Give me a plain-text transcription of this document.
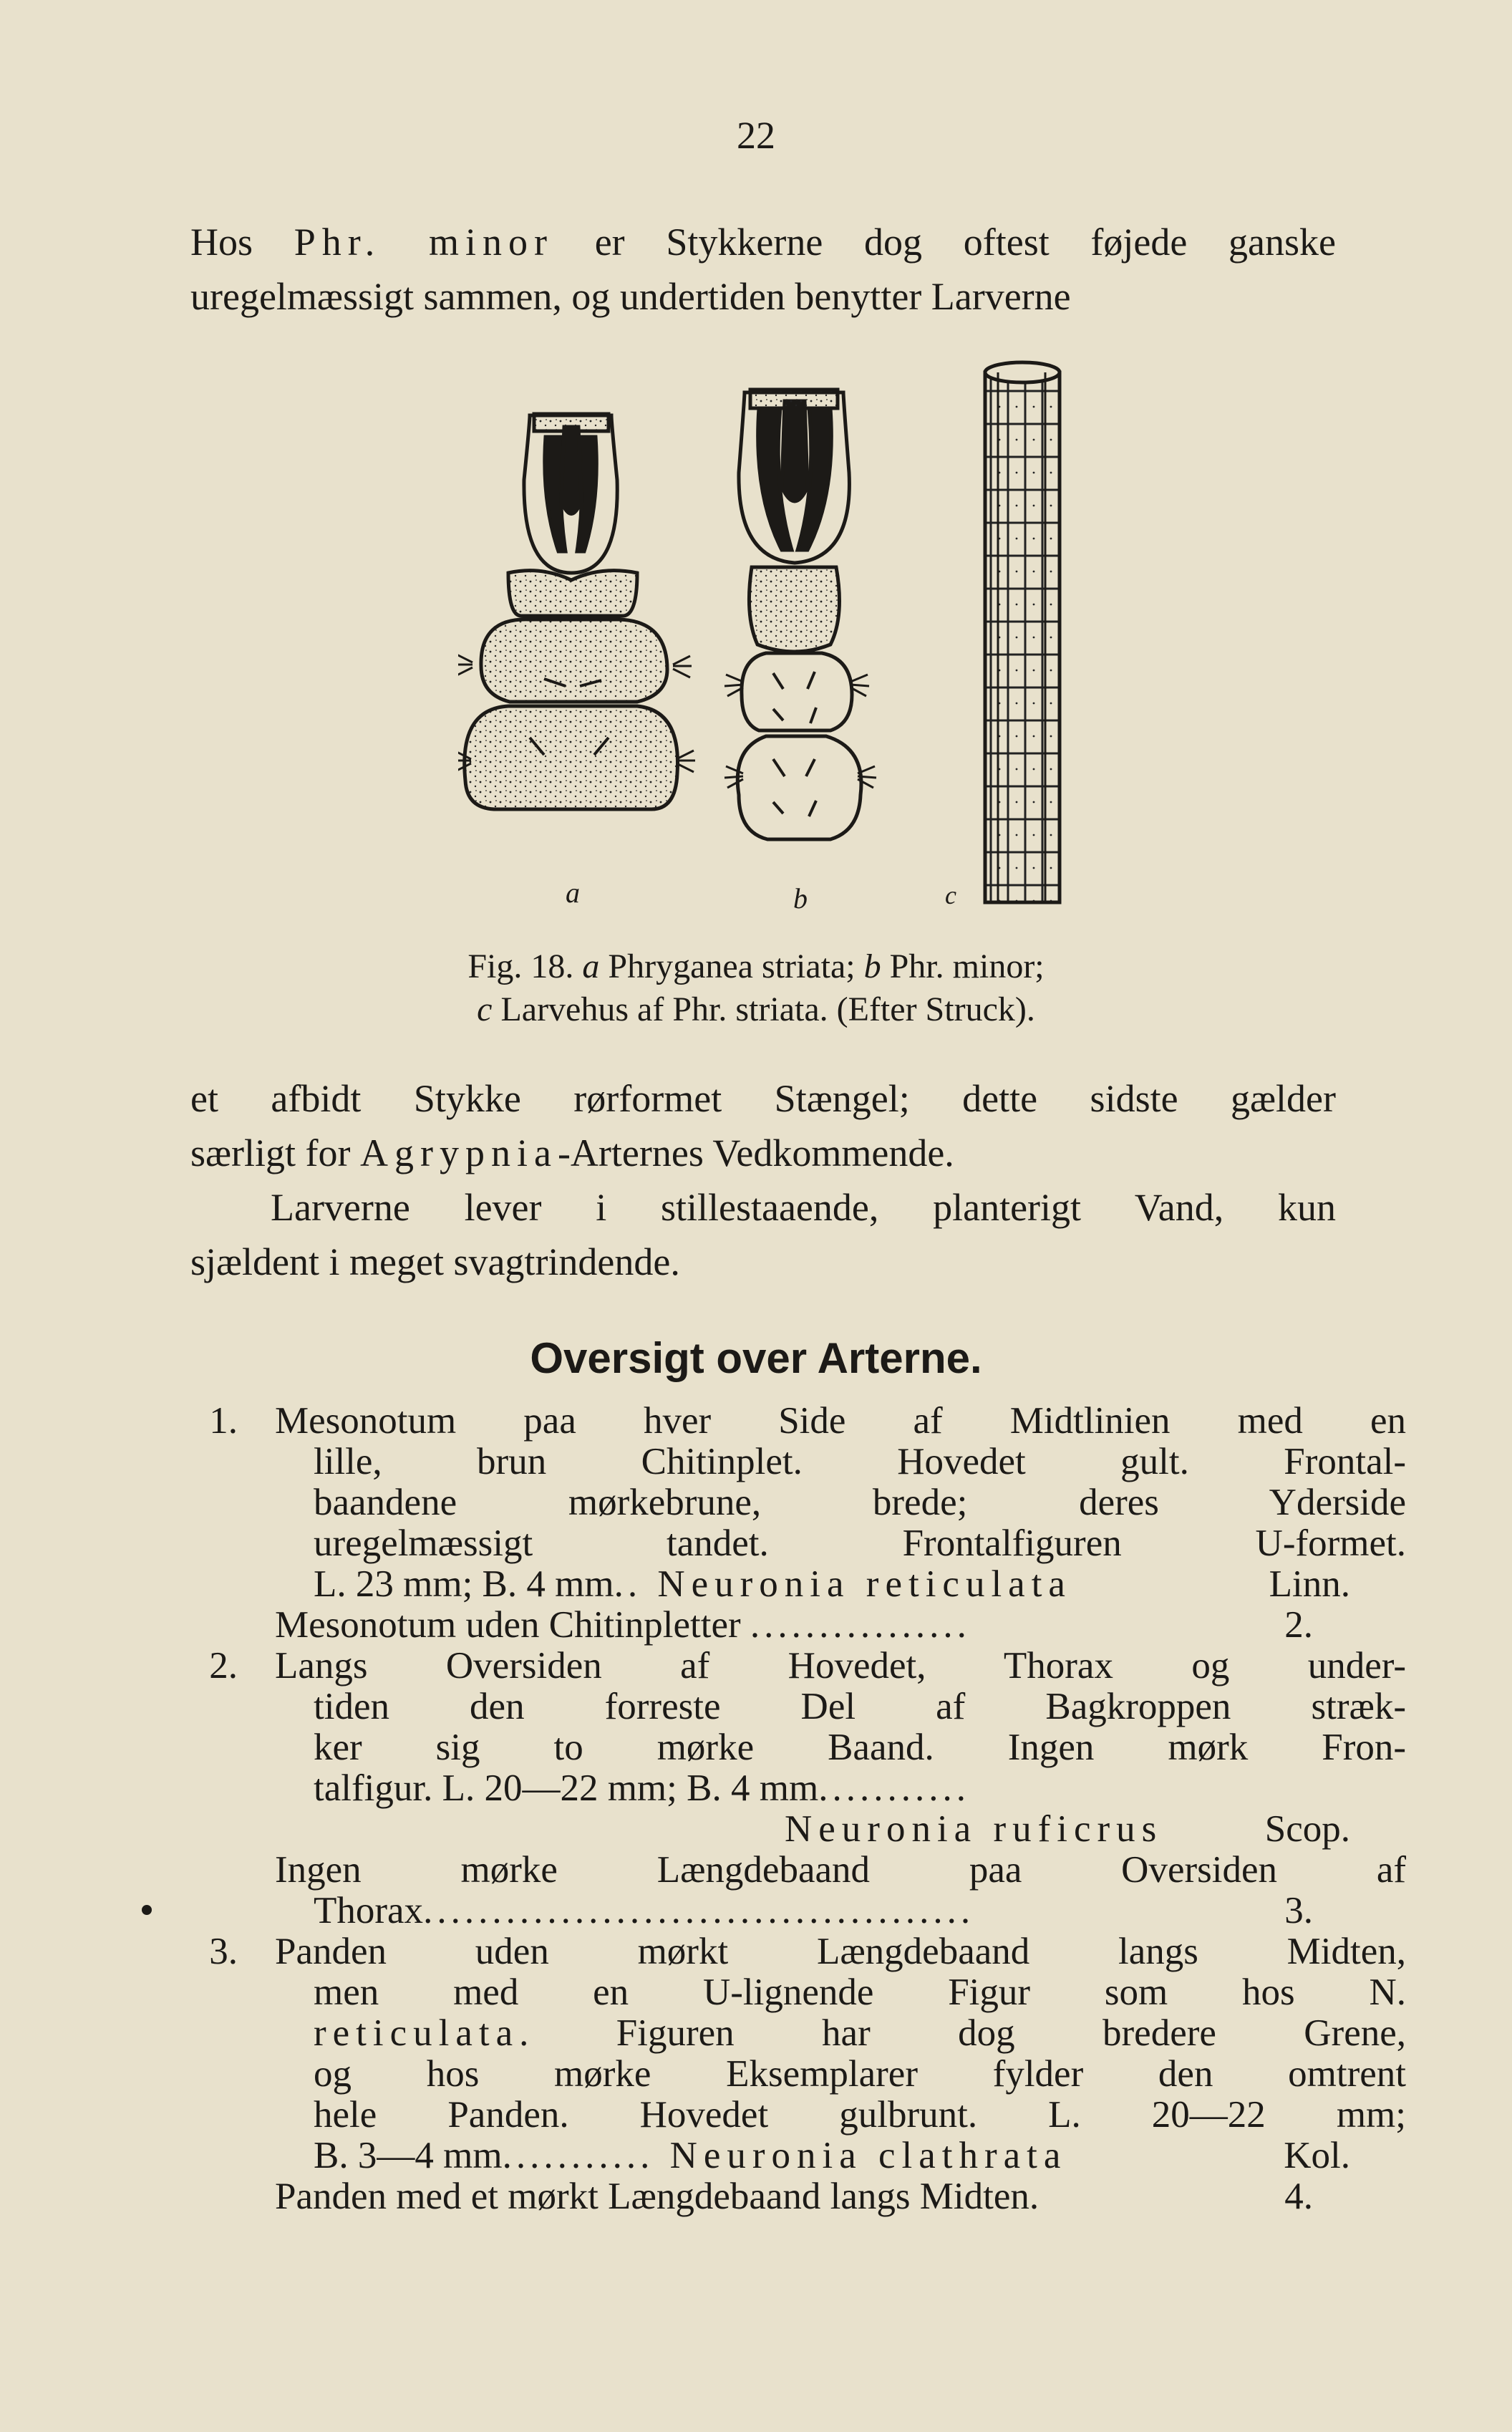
22

Hos Phr. minor er Stykkerne dog oftest føjede ganske
uregelmæssigt sammen, og undertiden benytter Larverne

a	b	c
Fig. 18. a Phryganea striata; b Phr. minor;
c Larvehus af Phr. striata. (Efter Struck).

et afbidt Stykke rørformet Stængel; dette sidste gælder
særligt for Agrypnia-Arternes Vedkommende.
Larverne lever i stillestaaende, planterigt Vand, kun
sjældent i meget svagtrindende.

Oversigt over Arterne.
1. Mesonotum paa hver Side af Midtlinien med en
lille, brun Chitinplet. Hovedet gult. Frontal-
baandene mørkebrune, brede; deres Yderside
uregelmæssigt tandet. Frontalfiguren U-formet.
L. 23 mm; B. 4 mm.. Neuronia reticulata	Linn.
Mesonotum uden Chitinpletter ................	2.
2. Langs Oversiden af Hovedet, Thorax og under-
tiden den forreste Del af Bagkroppen stræk-
ker sig to mørke Baand. Ingen mørk Fron-
talfigur. L. 20—22 mm; B. 4 mm...........
Neuronia ruficrus	Scop.
Ingen mørke Længdebaand paa Oversiden af
Thorax........................................	3.
3. Panden uden mørkt Længdebaand langs Midten,
men med en U-lignende Figur som hos N.
reticulata. Figuren har dog bredere Grene,
og hos mørke Eksemplarer fylder den omtrent
hele Panden. Hovedet gulbrunt. L. 20—22 mm;
B. 3—4 mm........... Neuronia clathrata	Kol.
Panden med et mørkt Længdebaand langs Midten.	4.
